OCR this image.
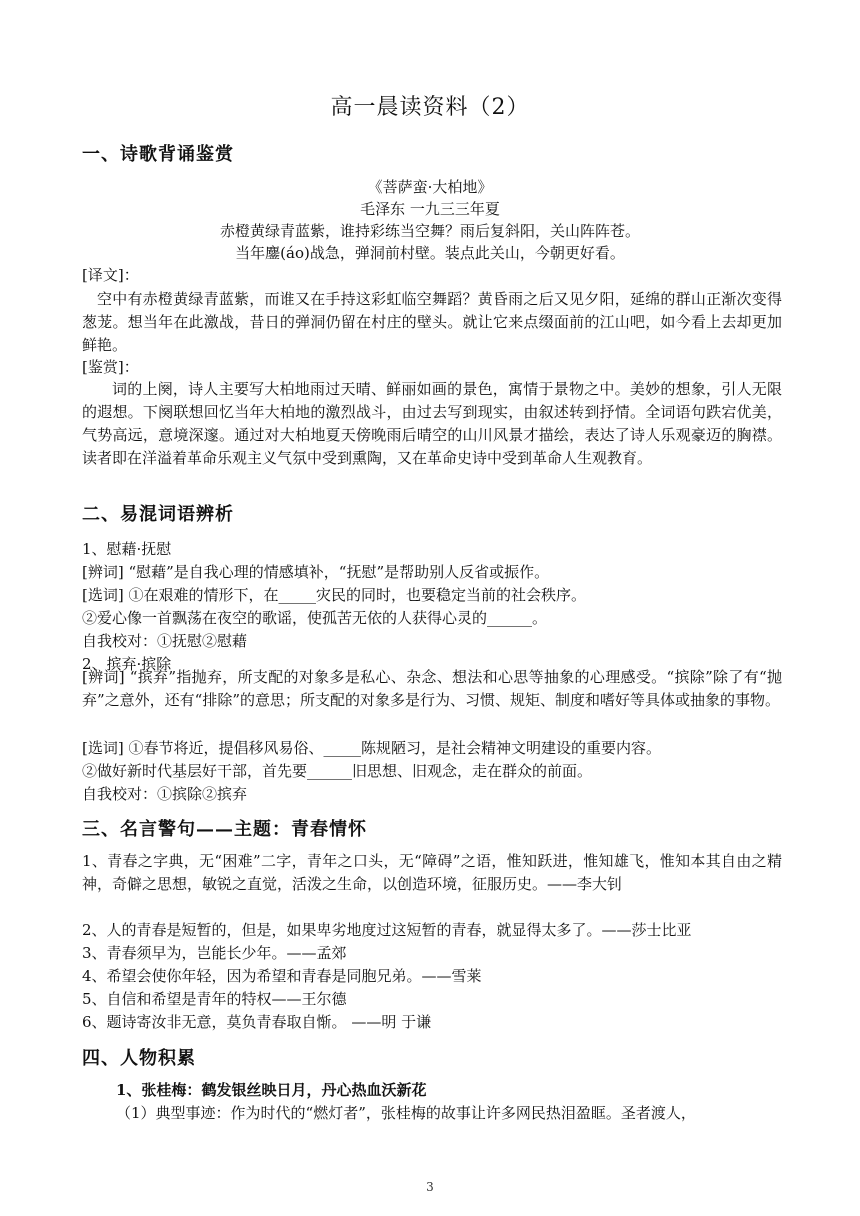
高一晨读资料（2）
一、诗歌背诵鉴赏
《菩萨蛮·大柏地》
毛泽东 一九三三年夏
赤橙黄绿青蓝紫，谁持彩练当空舞？雨后复斜阳，关山阵阵苍。
当年鏖(áo)战急，弹洞前村壁。装点此关山，今朝更好看。
[译文]：
空中有赤橙黄绿青蓝紫，而谁又在手持这彩虹临空舞蹈？黄昏雨之后又见夕阳，延绵的群山正渐次变得葱茏。想当年在此激战，昔日的弹洞仍留在村庄的壁头。就让它来点缀面前的江山吧，如今看上去却更加鲜艳。
[鉴赏]：
词的上阕，诗人主要写大柏地雨过天晴、鲜丽如画的景色，寓情于景物之中。美妙的想象，引人无限的遐想。下阕联想回忆当年大柏地的激烈战斗，由过去写到现实，由叙述转到抒情。全词语句跌宕优美，气势高远，意境深邃。通过对大柏地夏天傍晚雨后晴空的山川风景才描绘，表达了诗人乐观豪迈的胸襟。读者即在洋溢着革命乐观主义气氛中受到熏陶，又在革命史诗中受到革命人生观教育。
二、易混词语辨析
1、慰藉·抚慰
[辨词] “慰藉”是自我心理的情感填补，“抚慰”是帮助别人反省或振作。
[选词] ①在艰难的情形下，在_____灾民的同时，也要稳定当前的社会秩序。
②爱心像一首飘荡在夜空的歌谣，使孤苦无依的人获得心灵的______。
自我校对：①抚慰②慰藉
2、摈弃·摈除
[辨词] “摈弃”指抛弃，所支配的对象多是私心、杂念、想法和心思等抽象的心理感受。“摈除”除了有“抛弃”之意外，还有“排除”的意思；所支配的对象多是行为、习惯、规矩、制度和嗜好等具体或抽象的事物。
[选词] ①春节将近，提倡移风易俗、_____陈规陋习，是社会精神文明建设的重要内容。
②做好新时代基层好干部，首先要______旧思想、旧观念，走在群众的前面。
自我校对：①摈除②摈弃
三、名言警句——主题：青春情怀
1、青春之字典，无“困难”二字，青年之口头，无“障碍”之语，惟知跃进，惟知雄飞，惟知本其自由之精神，奇僻之思想，敏锐之直觉，活泼之生命，以创造环境，征服历史。——李大钊
2、人的青春是短暂的，但是，如果卑劣地度过这短暂的青春，就显得太多了。——莎士比亚
3、青春须早为，岂能长少年。——孟郊
4、希望会使你年轻，因为希望和青春是同胞兄弟。——雪莱
5、自信和希望是青年的特权——王尔德
6、题诗寄汝非无意，莫负青春取自惭。 ——明 于谦
四、人物积累
1、张桂梅：鹤发银丝映日月，丹心热血沃新花
（1）典型事迹：作为时代的“燃灯者”，张桂梅的故事让许多网民热泪盈眶。圣者渡人，
3
